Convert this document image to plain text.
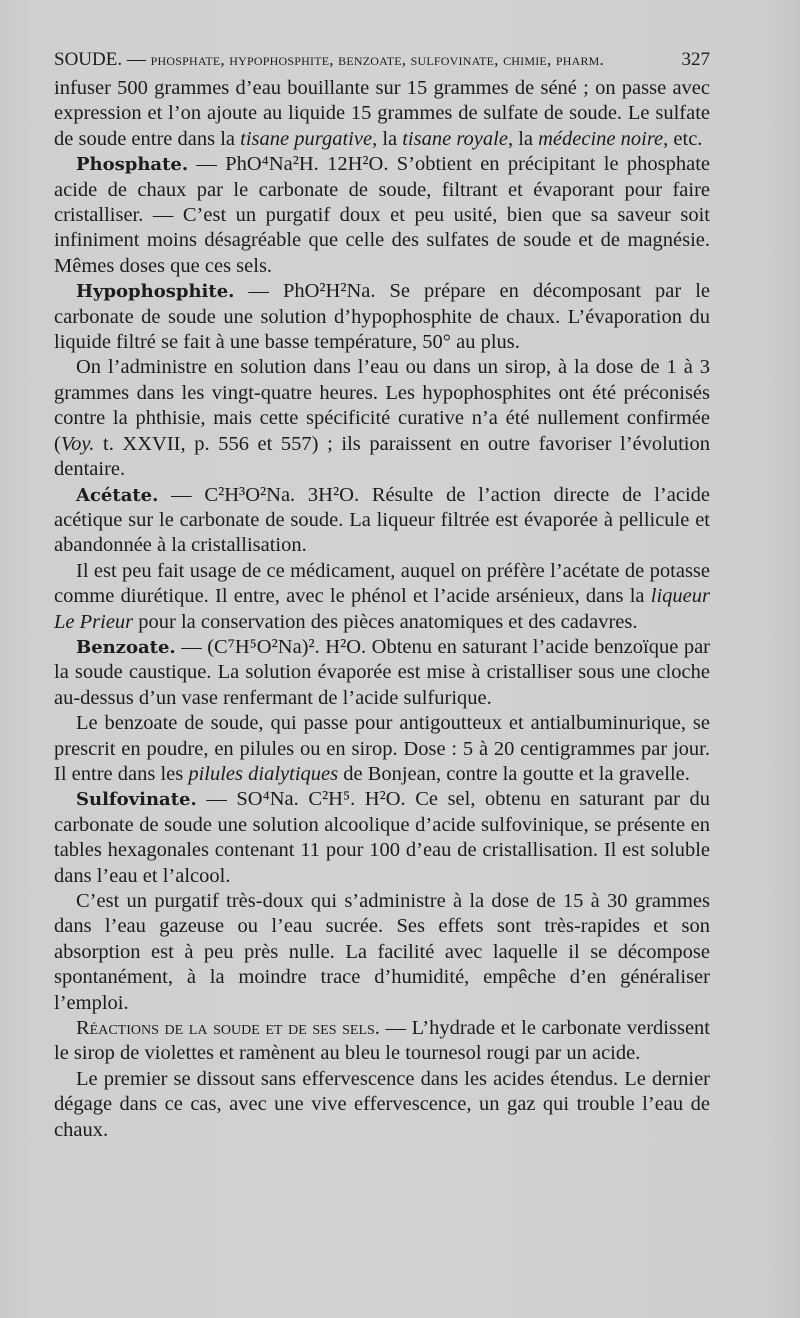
SOUDE. — phosphate, hypophosphite, benzoate, sulfovinate, chimie, pharm.	327

infuser 500 grammes d’eau bouillante sur 15 grammes de séné ; on passe avec expression et l’on ajoute au liquide 15 grammes de sulfate de soude. Le sulfate de soude entre dans la tisane purgative, la tisane royale, la médecine noire, etc.

Phosphate. — PhO⁴Na²H. 12H²O. S’obtient en précipitant le phosphate acide de chaux par le carbonate de soude, filtrant et évaporant pour faire cristalliser. — C’est un purgatif doux et peu usité, bien que sa saveur soit infiniment moins désagréable que celle des sulfates de soude et de magnésie. Mêmes doses que ces sels.

Hypophosphite. — PhO²H²Na. Se prépare en décomposant par le carbonate de soude une solution d’hypophosphite de chaux. L’évaporation du liquide filtré se fait à une basse température, 50° au plus.

On l’administre en solution dans l’eau ou dans un sirop, à la dose de 1 à 3 grammes dans les vingt-quatre heures. Les hypophosphites ont été préconisés contre la phthisie, mais cette spécificité curative n’a été nullement confirmée (Voy. t. XXVII, p. 556 et 557) ; ils paraissent en outre favoriser l’évolution dentaire.

Acétate. — C²H³O²Na. 3H²O. Résulte de l’action directe de l’acide acétique sur le carbonate de soude. La liqueur filtrée est évaporée à pellicule et abandonnée à la cristallisation.

Il est peu fait usage de ce médicament, auquel on préfère l’acétate de potasse comme diurétique. Il entre, avec le phénol et l’acide arsénieux, dans la liqueur Le Prieur pour la conservation des pièces anatomiques et des cadavres.

Benzoate. — (C⁷H⁵O²Na)². H²O. Obtenu en saturant l’acide benzoïque par la soude caustique. La solution évaporée est mise à cristalliser sous une cloche au-dessus d’un vase renfermant de l’acide sulfurique.

Le benzoate de soude, qui passe pour antigoutteux et antialbuminurique, se prescrit en poudre, en pilules ou en sirop. Dose : 5 à 20 centigrammes par jour. Il entre dans les pilules dialytiques de Bonjean, contre la goutte et la gravelle.

Sulfovinate. — SO⁴Na. C²H⁵. H²O. Ce sel, obtenu en saturant par du carbonate de soude une solution alcoolique d’acide sulfovinique, se présente en tables hexagonales contenant 11 pour 100 d’eau de cristallisation. Il est soluble dans l’eau et l’alcool.

C’est un purgatif très-doux qui s’administre à la dose de 15 à 30 grammes dans l’eau gazeuse ou l’eau sucrée. Ses effets sont très-rapides et son absorption est à peu près nulle. La facilité avec laquelle il se décompose spontanément, à la moindre trace d’humidité, empêche d’en généraliser l’emploi.

Réactions de la soude et de ses sels. — L’hydrade et le carbonate verdissent le sirop de violettes et ramènent au bleu le tournesol rougi par un acide.

Le premier se dissout sans effervescence dans les acides étendus. Le dernier dégage dans ce cas, avec une vive effervescence, un gaz qui trouble l’eau de chaux.
